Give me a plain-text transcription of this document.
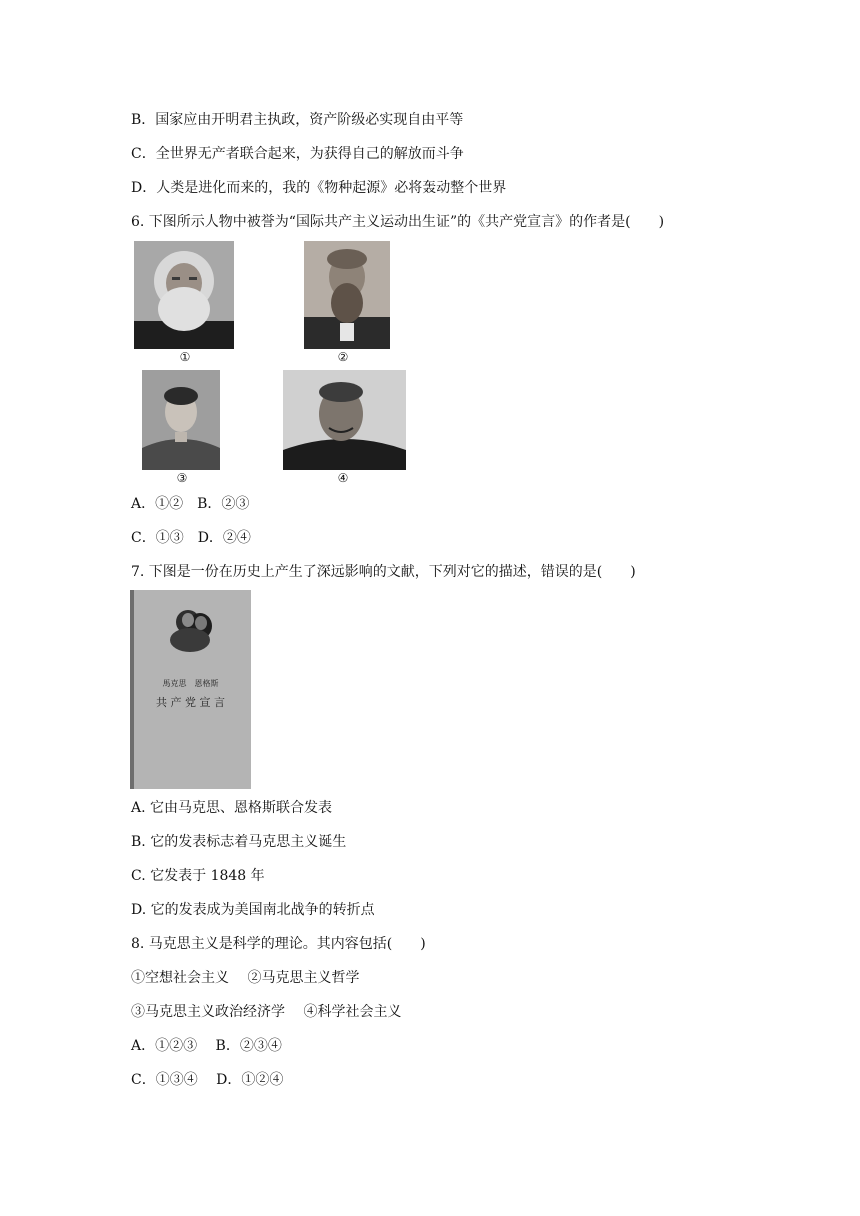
B．国家应由开明君主执政，资产阶级必实现自由平等
C．全世界无产者联合起来，为获得自己的解放而斗争
D．人类是进化而来的，我的《物种起源》必将轰动整个世界
6. 下图所示人物中被誉为“国际共产主义运动出生证”的《共产党宣言》的作者是(　　)
①	②
③	④
A．①②　B．②③
C．①③　D．②④
7. 下图是一份在历史上产生了深远影响的文献，下列对它的描述，错误的是(　　)
馬克思　恩格斯
共 产 党 宣 言
A. 它由马克思、恩格斯联合发表
B. 它的发表标志着马克思主义诞生
C. 它发表于 1848 年
D. 它的发表成为美国南北战争的转折点
8. 马克思主义是科学的理论。其内容包括(　　)
①空想社会主义　 ②马克思主义哲学
③马克思主义政治经济学　 ④科学社会主义
A．①②③　 B．②③④
C．①③④　 D．①②④
